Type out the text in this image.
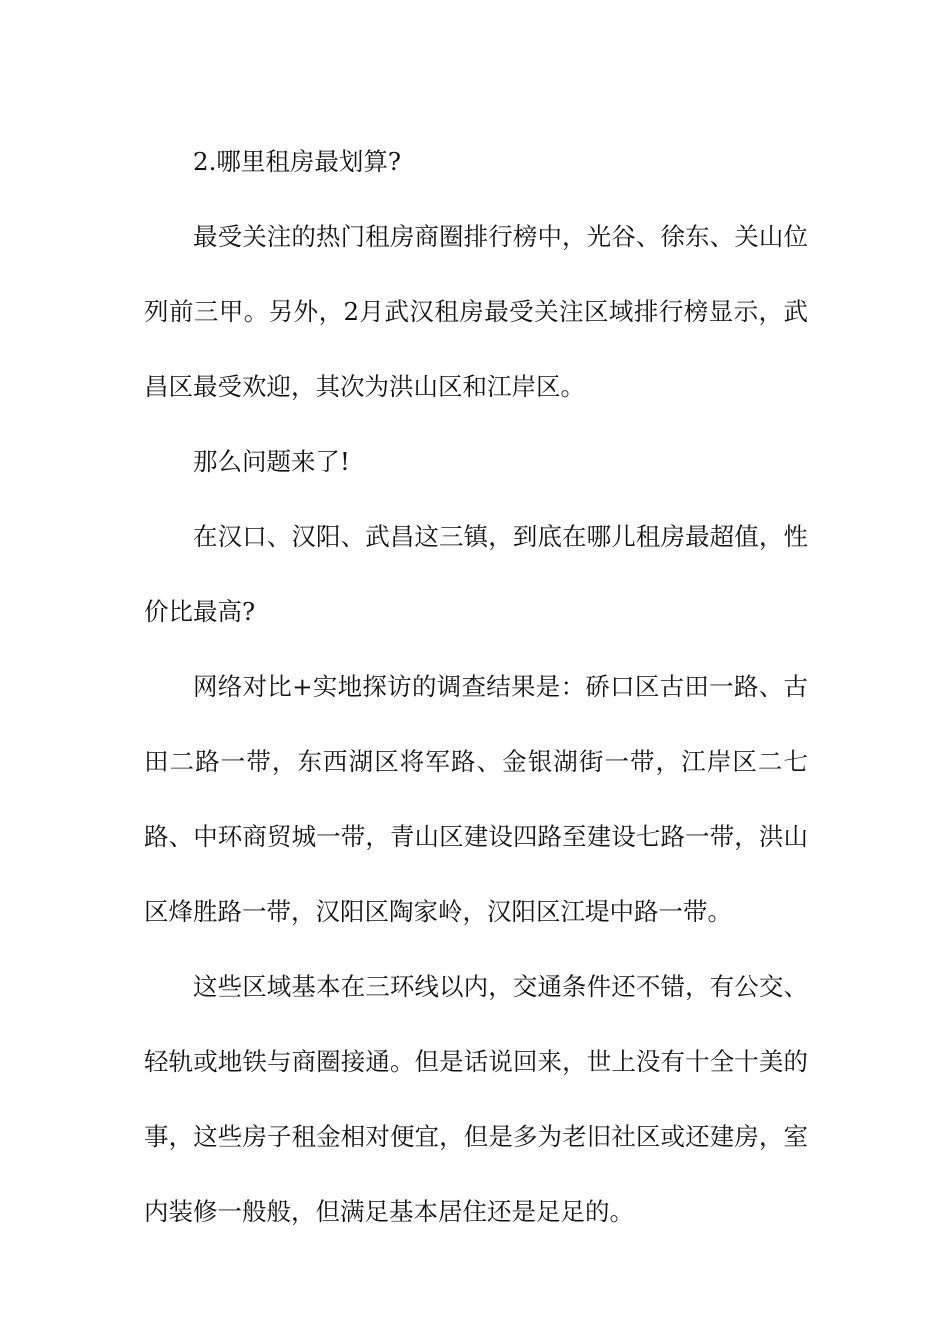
2.哪里租房最划算?

最受关注的热门租房商圈排行榜中，光谷、徐东、关山位列前三甲。另外，2月武汉租房最受关注区域排行榜显示，武昌区最受欢迎，其次为洪山区和江岸区。

那么问题来了!

在汉口、汉阳、武昌这三镇，到底在哪儿租房最超值，性价比最高?

网络对比+实地探访的调查结果是：硚口区古田一路、古田二路一带，东西湖区将军路、金银湖街一带，江岸区二七路、中环商贸城一带，青山区建设四路至建设七路一带，洪山区烽胜路一带，汉阳区陶家岭，汉阳区江堤中路一带。

这些区域基本在三环线以内，交通条件还不错，有公交、轻轨或地铁与商圈接通。但是话说回来，世上没有十全十美的事，这些房子租金相对便宜，但是多为老旧社区或还建房，室内装修一般般，但满足基本居住还是足足的。
